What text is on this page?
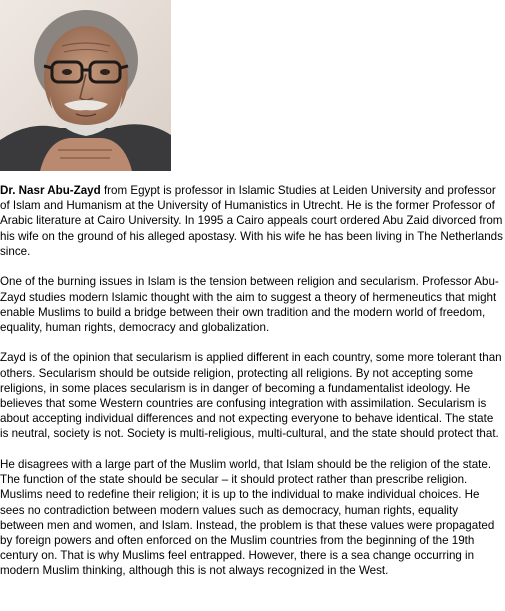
Dr. Nasr Abu-Zayd from Egypt is professor in Islamic Studies at Leiden University and professor of Islam and Humanism at the University of Humanistics in Utrecht. He is the former Professor of Arabic literature at Cairo University. In 1995 a Cairo appeals court ordered Abu Zaid divorced from his wife on the ground of his alleged apostasy. With his wife he has been living in The Netherlands since.

One of the burning issues in Islam is the tension between religion and secularism. Professor Abu-Zayd studies modern Islamic thought with the aim to suggest a theory of hermeneutics that might enable Muslims to build a bridge between their own tradition and the modern world of freedom, equality, human rights, democracy and globalization.

Zayd is of the opinion that secularism is applied different in each country, some more tolerant than others. Secularism should be outside religion, protecting all religions. By not accepting some religions, in some places secularism is in danger of becoming a fundamentalist ideology. He believes that some Western countries are confusing integration with assimilation. Secularism is about accepting individual differences and not expecting everyone to behave identical. The state is neutral, society is not. Society is multi-religious, multi-cultural, and the state should protect that.

He disagrees with a large part of the Muslim world, that Islam should be the religion of the state. The function of the state should be secular – it should protect rather than prescribe religion. Muslims need to redefine their religion; it is up to the individual to make individual choices. He sees no contradiction between modern values such as democracy, human rights, equality between men and women, and Islam. Instead, the problem is that these values were propagated by foreign powers and often enforced on the Muslim countries from the beginning of the 19th century on. That is why Muslims feel entrapped. However, there is a sea change occurring in modern Muslim thinking, although this is not always recognized in the West.
